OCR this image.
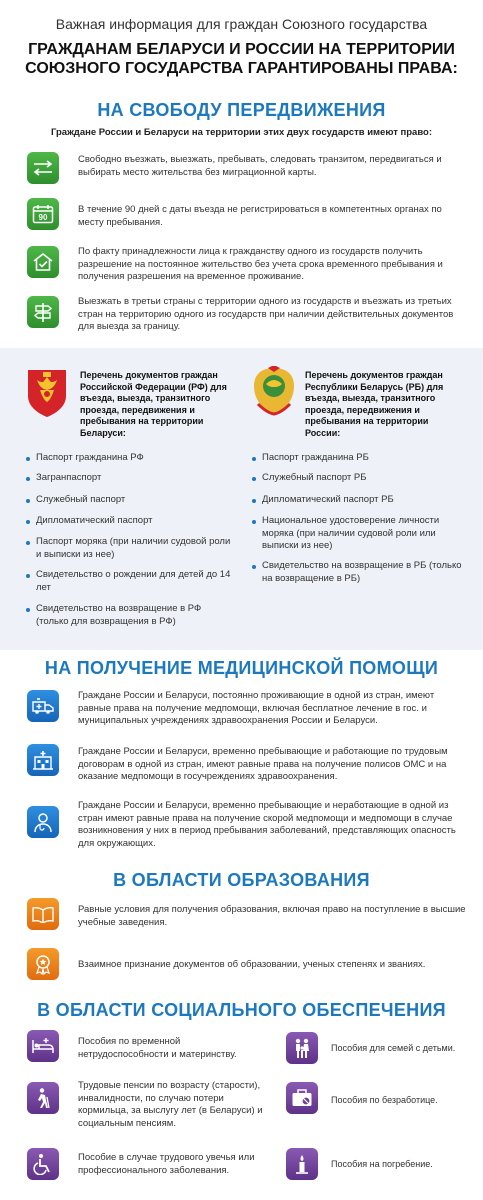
Важная информация для граждан Союзного государства
ГРАЖДАНАМ БЕЛАРУСИ И РОССИИ НА ТЕРРИТОРИИ СОЮЗНОГО ГОСУДАРСТВА ГАРАНТИРОВАНЫ ПРАВА:
НА СВОБОДУ ПЕРЕДВИЖЕНИЯ
Граждане России и Беларуси на территории этих двух государств имеют право:
Свободно въезжать, выезжать, пребывать, следовать транзитом, передвигаться и выбирать место жительства без миграционной карты.
90
В течение 90 дней с даты въезда не регистрироваться в компетентных органах по месту пребывания.
По факту принадлежности лица к гражданству одного из государств получить разрешение на постоянное жительство без учета срока временного пребывания и получения разрешения на временное проживание.
Выезжать в третьи страны с территории одного из государств и въезжать из третьих стран на территорию одного из государств при наличии действительных документов для выезда за границу.
Перечень документов граждан Российской Федерации (РФ) для въезда, выезда, транзитного проезда, передвижения и пребывания на территории Беларуси:
Перечень документов граждан Республики Беларусь (РБ) для въезда, выезда, транзитного проезда, передвижения и пребывания на территории России:
Паспорт гражданина РФ
Загранпаспорт
Служебный паспорт
Дипломатический паспорт
Паспорт моряка (при наличии судовой роли и выписки из нее)
Свидетельство о рождении для детей до 14 лет
Свидетельство на возвращение в РФ (только для возвращения в РФ)
Паспорт гражданина РБ
Служебный паспорт РБ
Дипломатический паспорт РБ
Национальное удостоверение личности моряка (при наличии судовой роли или выписки из нее)
Свидетельство на возвращение в РБ (только на возвращение в РБ)
НА ПОЛУЧЕНИЕ МЕДИЦИНСКОЙ ПОМОЩИ
Граждане России и Беларуси, постоянно проживающие в одной из стран, имеют равные права на получение медпомощи, включая бесплатное лечение в гос. и муниципальных учреждениях здравоохранения России и Беларуси.
Граждане России и Беларуси, временно пребывающие и работающие по трудовым договорам в одной из стран, имеют равные права на получение полисов ОМС и на оказание медпомощи в госучреждениях здравоохранения.
Граждане России и Беларуси, временно пребывающие и неработающие в одной из стран имеют равные права на получение скорой медпомощи и медпомощи в случае возникновения у них в период пребывания заболеваний, представляющих опасность для окружающих.
В ОБЛАСТИ ОБРАЗОВАНИЯ
Равные условия для получения образования, включая право на поступление в высшие учебные заведения.
Взаимное признание документов об образовании, ученых степенях и званиях.
В ОБЛАСТИ СОЦИАЛЬНОГО ОБЕСПЕЧЕНИЯ
Пособия по временной нетрудоспособности и материнству.
Пособия для семей с детьми.
Трудовые пенсии по возрасту (старости), инвалидности, по случаю потери кормильца, за выслугу лет (в Беларуси) и социальным пенсиям.
Пособия по безработице.
Пособие в случае трудового увечья или профессионального заболевания.
Пособия на погребение.
